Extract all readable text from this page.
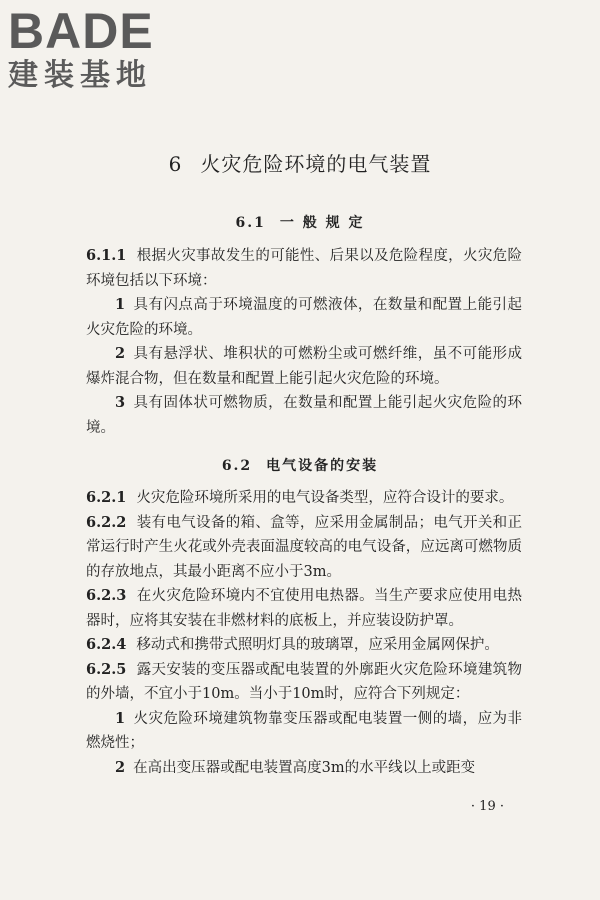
BADE
建装基地
6 火灾危险环境的电气装置
6.1 一 般 规 定

6.1.1 根据火灾事故发生的可能性、后果以及危险程度，火灾危险环境包括以下环境：

1 具有闪点高于环境温度的可燃液体，在数量和配置上能引起火灾危险的环境。

2 具有悬浮状、堆积状的可燃粉尘或可燃纤维，虽不可能形成爆炸混合物，但在数量和配置上能引起火灾危险的环境。

3 具有固体状可燃物质，在数量和配置上能引起火灾危险的环境。

6.2 电气设备的安装

6.2.1 火灾危险环境所采用的电气设备类型，应符合设计的要求。

6.2.2 装有电气设备的箱、盒等，应采用金属制品；电气开关和正常运行时产生火花或外壳表面温度较高的电气设备，应远离可燃物质的存放地点，其最小距离不应小于3m。

6.2.3 在火灾危险环境内不宜使用电热器。当生产要求应使用电热器时，应将其安装在非燃材料的底板上，并应装设防护罩。

6.2.4 移动式和携带式照明灯具的玻璃罩，应采用金属网保护。

6.2.5 露天安装的变压器或配电装置的外廓距火灾危险环境建筑物的外墙，不宜小于10m。当小于10m时，应符合下列规定：

1 火灾危险环境建筑物靠变压器或配电装置一侧的墙，应为非燃烧性；

2 在高出变压器或配电装置高度3m的水平线以上或距变

· 19 ·
